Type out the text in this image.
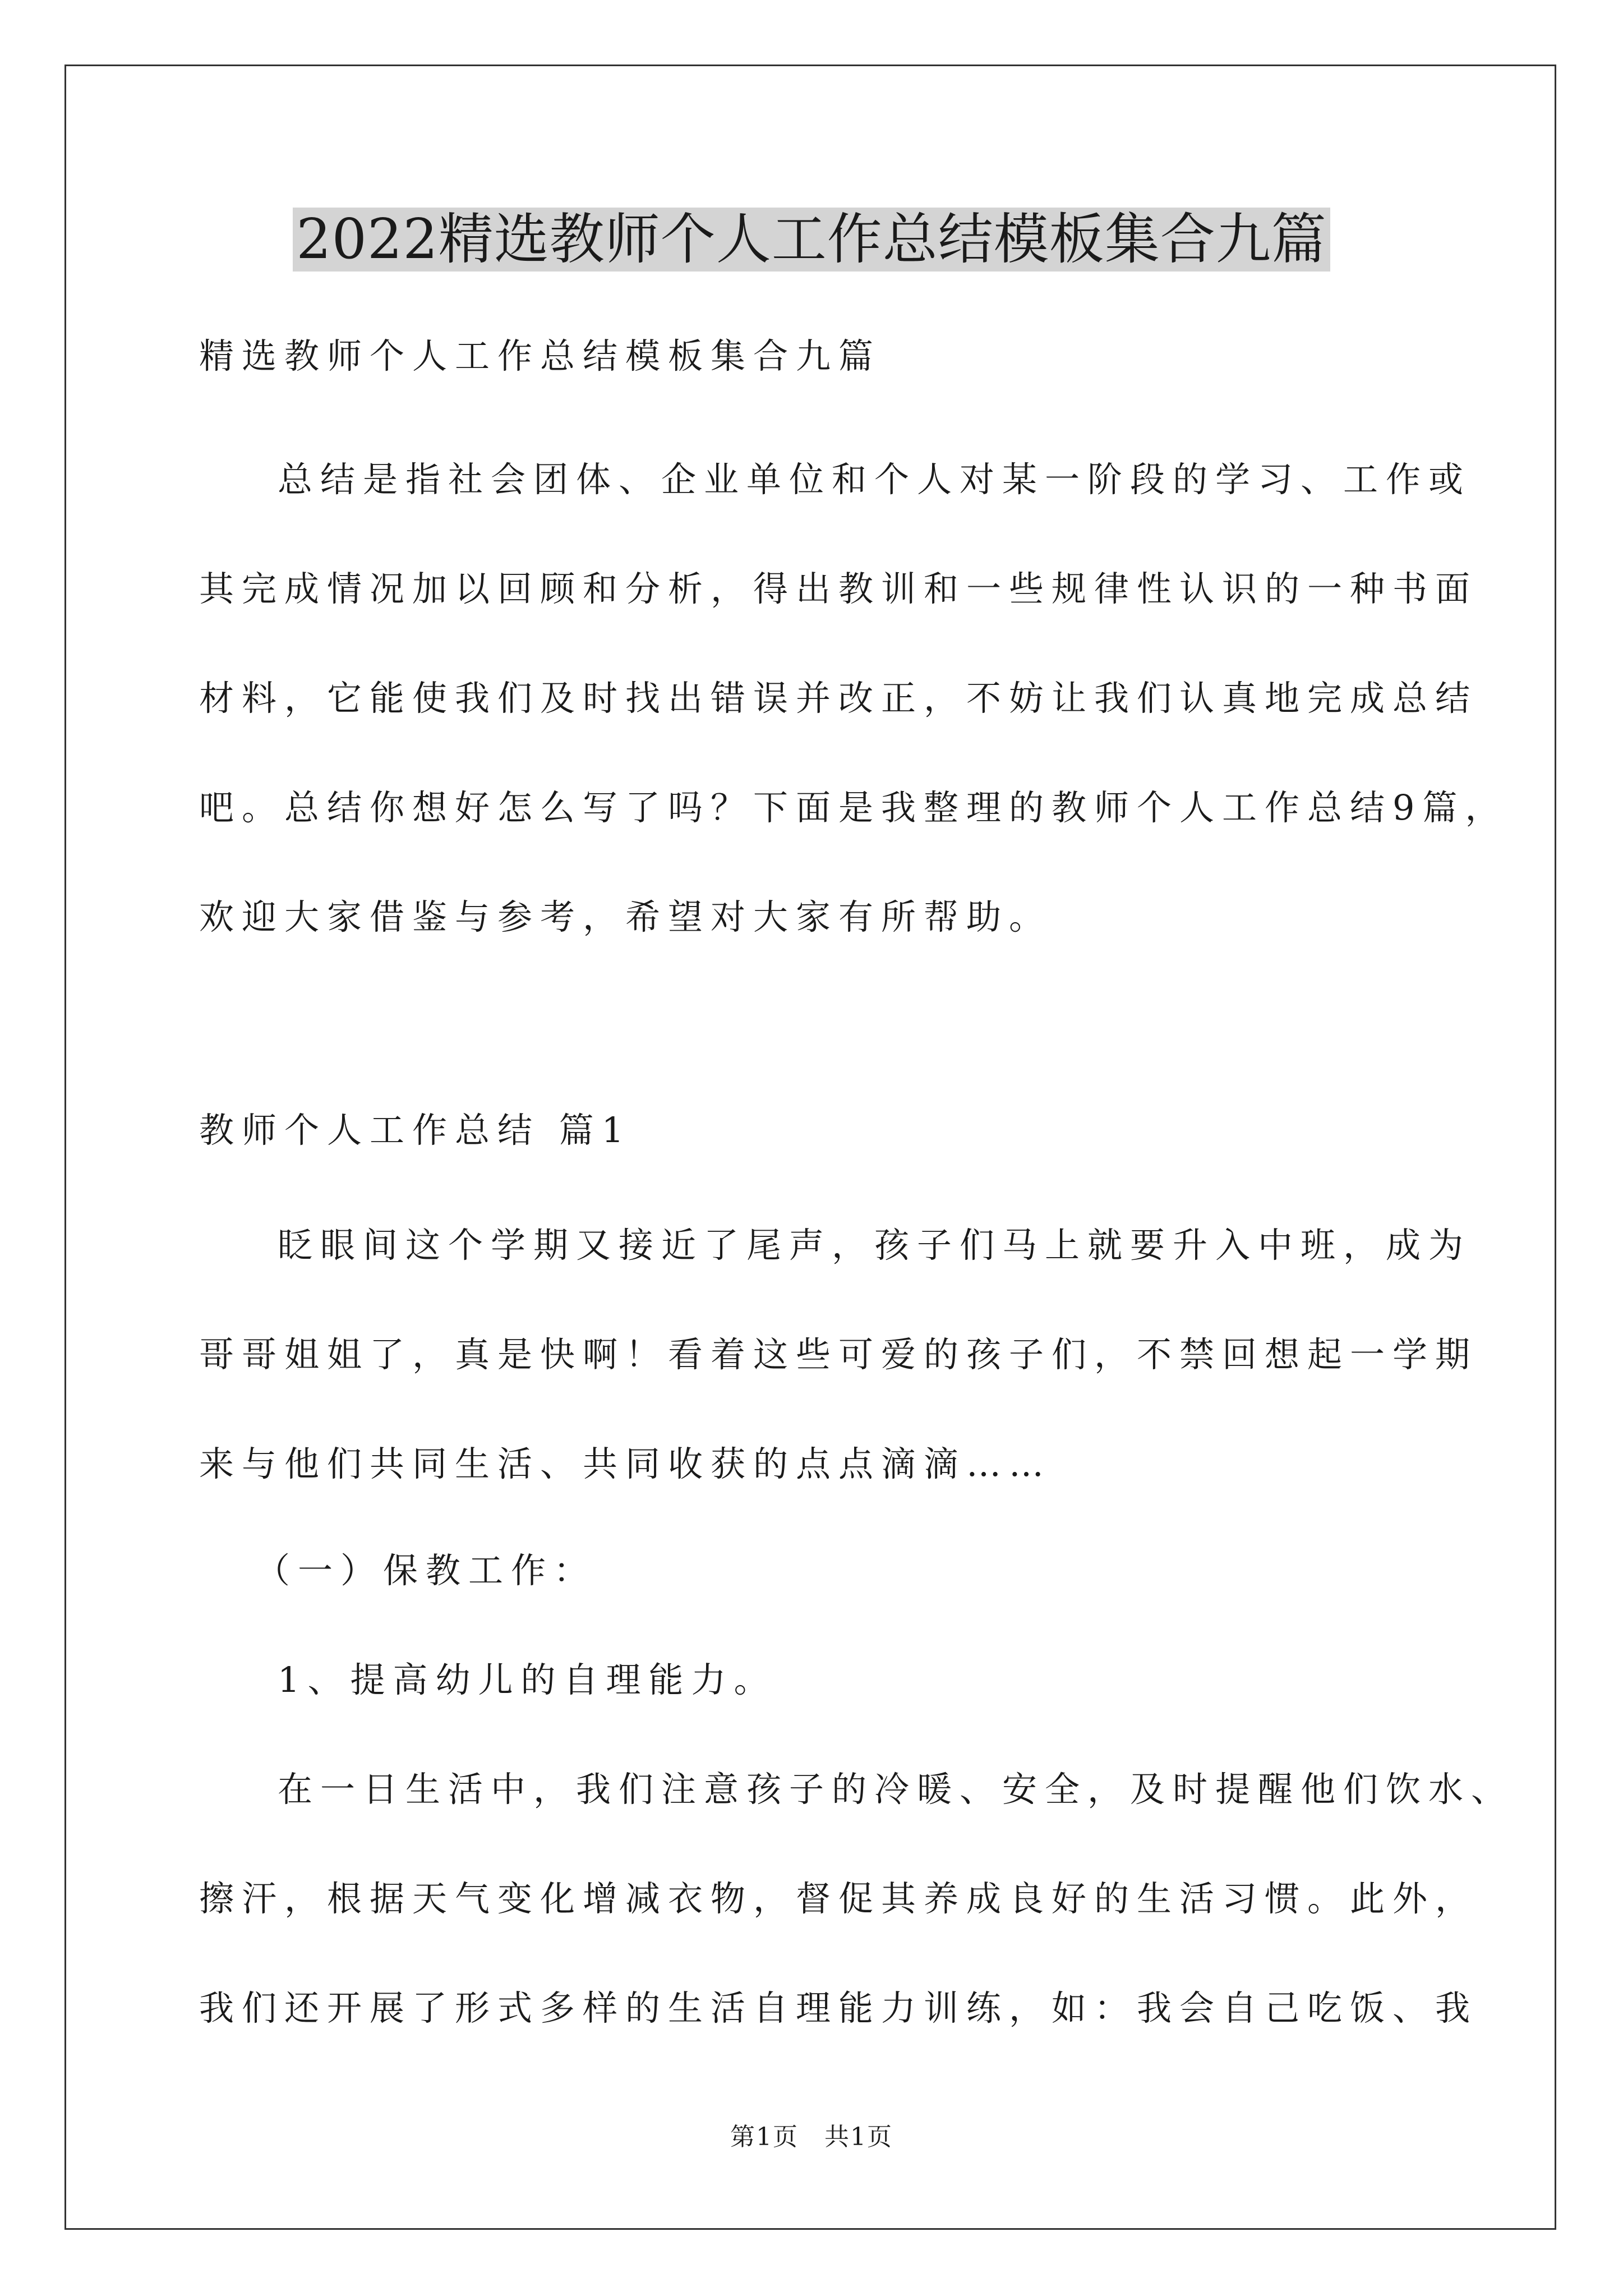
2022精选教师个人工作总结模板集合九篇

精选教师个人工作总结模板集合九篇

总结是指社会团体、企业单位和个人对某一阶段的学习、工作或

其完成情况加以回顾和分析，得出教训和一些规律性认识的一种书面

材料，它能使我们及时找出错误并改正，不妨让我们认真地完成总结

吧。总结你想好怎么写了吗？下面是我整理的教师个人工作总结9篇，

欢迎大家借鉴与参考，希望对大家有所帮助。

教师个人工作总结 篇1

眨眼间这个学期又接近了尾声，孩子们马上就要升入中班，成为

哥哥姐姐了，真是快啊！看着这些可爱的孩子们，不禁回想起一学期

来与他们共同生活、共同收获的点点滴滴……

（一）保教工作：

1、提高幼儿的自理能力。

在一日生活中，我们注意孩子的冷暖、安全，及时提醒他们饮水、

擦汗，根据天气变化增减衣物，督促其养成良好的生活习惯。此外，

我们还开展了形式多样的生活自理能力训练，如：我会自己吃饭、我

第1页　共1页
